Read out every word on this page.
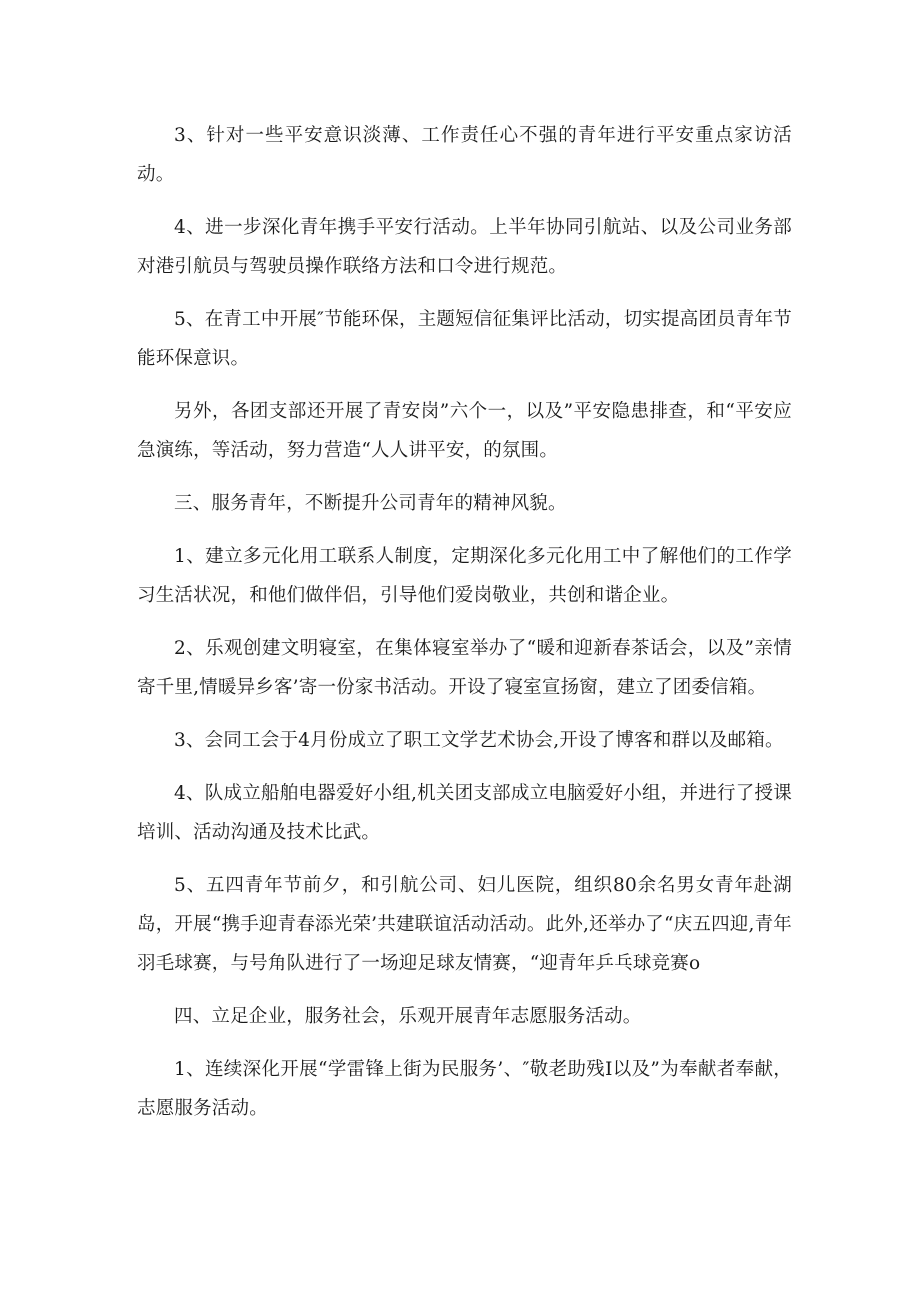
3、针对一些平安意识淡薄、工作责任心不强的青年进行平安重点家访活动。

4、进一步深化青年携手平安行活动。上半年协同引航站、以及公司业务部对港引航员与驾驶员操作联络方法和口令进行规范。

5、在青工中开展″节能环保，主题短信征集评比活动，切实提高团员青年节能环保意识。

另外，各团支部还开展了青安岗”六个一，以及”平安隐患排查，和“平安应急演练，等活动，努力营造“人人讲平安，的氛围。

三、服务青年，不断提升公司青年的精神风貌。

1、建立多元化用工联系人制度，定期深化多元化用工中了解他们的工作学习生活状况，和他们做伴侣，引导他们爱岗敬业，共创和谐企业。

2、乐观创建文明寝室，在集体寝室举办了“暖和迎新春茶话会，以及”亲情寄千里,情暖异乡客’寄一份家书活动。开设了寝室宣扬窗，建立了团委信箱。

3、会同工会于4月份成立了职工文学艺术协会,开设了博客和群以及邮箱。

4、队成立船舶电器爱好小组,机关团支部成立电脑爱好小组，并进行了授课培训、活动沟通及技术比武。

5、五四青年节前夕，和引航公司、妇儿医院，组织80余名男女青年赴湖岛，开展“携手迎青春添光荣’共建联谊活动活动。此外,还举办了“庆五四迎,青年羽毛球赛，与号角队进行了一场迎足球友情赛，“迎青年乒乓球竞赛o

四、立足企业，服务社会，乐观开展青年志愿服务活动。

1、连续深化开展“学雷锋上街为民服务’、″敬老助残I以及”为奉献者奉献，志愿服务活动。
